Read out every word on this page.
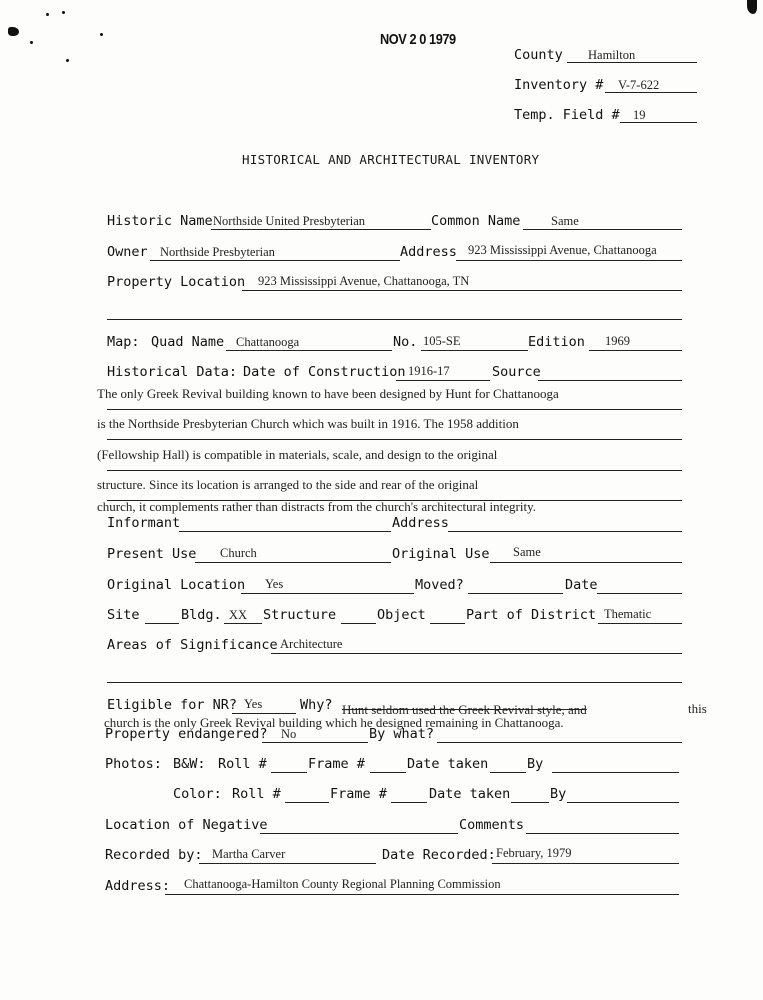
NOV 2 0 1979
County Hamilton
Inventory # V-7-622
Temp. Field # 19
HISTORICAL AND ARCHITECTURAL INVENTORY
Historic Name Northside United Presbyterian	Common Name Same
Owner Northside Presbyterian	Address 923 Mississippi Avenue, Chattanooga
Property Location 923 Mississippi Avenue, Chattanooga, TN
Map: Quad Name Chattanooga	No. 105-SE	Edition 1969
Historical Data: Date of Construction 1916-17	Source
The only Greek Revival building known to have been designed by Hunt for Chattanooga
is the Northside Presbyterian Church which was built in 1916. The 1958 addition
(Fellowship Hall) is compatible in materials, scale, and design to the original
structure. Since its location is arranged to the side and rear of the original
church, it complements rather than distracts from the church's architectural integrity.
Informant	Address
Present Use Church	Original Use Same
Original Location Yes	Moved?	Date
Site	Bldg. XX Structure	Object	Part of District Thematic
Areas of Significance Architecture
Eligible for NR? Yes	Why? Hunt seldom used the Greek Revival style, and	this
church is the only Greek Revival building which he designed remaining in Chattanooga.
Property endangered? No	By what?
Photos: B&W: Roll #	Frame #	Date taken	By
Color: Roll #	Frame #	Date taken	By
Location of Negative	Comments
Recorded by: Martha Carver	Date Recorded: February, 1979
Address: Chattanooga-Hamilton County Regional Planning Commission
